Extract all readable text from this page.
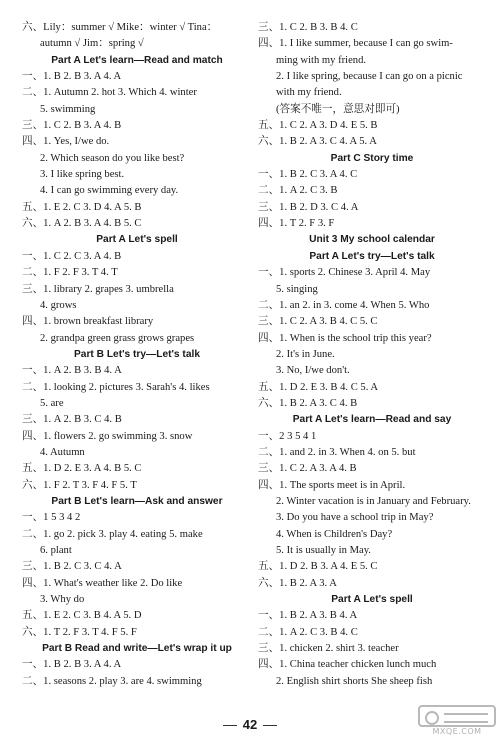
六、Lily：summer √ Mike：winter √ Tina：
autumn √ Jim：spring √
Part A Let's learn—Read and match
一、1. B 2. B 3. A 4. A
二、1. Autumn 2. hot 3. Which 4. winter
5. swimming
三、1. C 2. B 3. A 4. B
四、1. Yes, I/we do.
2. Which season do you like best?
3. I like spring best.
4. I can go swimming every day.
五、1. E 2. C 3. D 4. A 5. B
六、1. A 2. B 3. A 4. B 5. C
Part A Let's spell
一、1. C 2. C 3. A 4. B
二、1. F 2. F 3. T 4. T
三、1. library 2. grapes 3. umbrella
4. grows
四、1. brown breakfast library
2. grandpa green grass grows grapes
Part B Let's try—Let's talk
一、1. A 2. B 3. B 4. A
二、1. looking 2. pictures 3. Sarah's 4. likes
5. are
三、1. A 2. B 3. C 4. B
四、1. flowers 2. go swimming 3. snow
4. Autumn
五、1. D 2. E 3. A 4. B 5. C
六、1. F 2. T 3. F 4. F 5. T
Part B Let's learn—Ask and answer
一、1 5 3 4 2
二、1. go 2. pick 3. play 4. eating 5. make
6. plant
三、1. B 2. C 3. C 4. A
四、1. What's weather like 2. Do like
3. Why do
五、1. E 2. C 3. B 4. A 5. D
六、1. T 2. F 3. T 4. F 5. F
Part B Read and write—Let's wrap it up
一、1. B 2. B 3. A 4. A
二、1. seasons 2. play 3. are 4. swimming
三、1. C 2. B 3. B 4. C
四、1. I like summer, because I can go swim-
ming with my friend.
2. I like spring, because I can go on a picnic
with my friend.
(答案不唯一，意思对即可)
五、1. C 2. A 3. D 4. E 5. B
六、1. B 2. A 3. C 4. A 5. A
Part C Story time
一、1. B 2. C 3. A 4. C
二、1. A 2. C 3. B
三、1. B 2. D 3. C 4. A
四、1. T 2. F 3. F
Unit 3 My school calendar
Part A Let's try—Let's talk
一、1. sports 2. Chinese 3. April 4. May
5. singing
二、1. an 2. in 3. come 4. When 5. Who
三、1. C 2. A 3. B 4. C 5. C
四、1. When is the school trip this year?
2. It's in June.
3. No, I/we don't.
五、1. D 2. E 3. B 4. C 5. A
六、1. B 2. A 3. C 4. B
Part A Let's learn—Read and say
一、2 3 5 4 1
二、1. and 2. in 3. When 4. on 5. but
三、1. C 2. A 3. A 4. B
四、1. The sports meet is in April.
2. Winter vacation is in January and February.
3. Do you have a school trip in May?
4. When is Children's Day?
5. It is usually in May.
五、1. D 2. B 3. A 4. E 5. C
六、1. B 2. A 3. A
Part A Let's spell
一、1. B 2. A 3. B 4. A
二、1. A 2. C 3. B 4. C
三、1. chicken 2. shirt 3. teacher
四、1. China teacher chicken lunch much
2. English shirt shorts She sheep fish
42	MXQE.COM
